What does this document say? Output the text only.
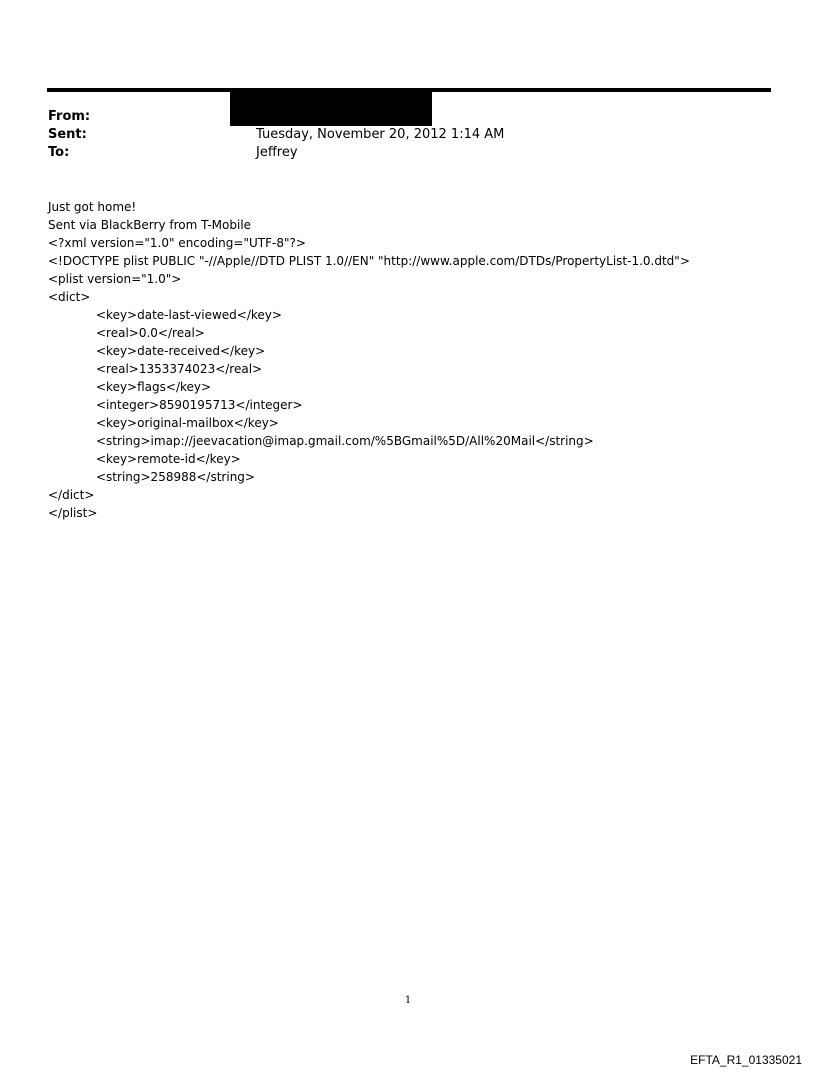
From:
Sent:	Tuesday, November 20, 2012 1:14 AM
To:	Jeffrey
Just got home!
Sent via BlackBerry from T-Mobile
<?xml version="1.0" encoding="UTF-8"?>
<!DOCTYPE plist PUBLIC "-//Apple//DTD PLIST 1.0//EN" "http://www.apple.com/DTDs/PropertyList-1.0.dtd">
<plist version="1.0">
<dict>
<key>date-last-viewed</key>
<real>0.0</real>
<key>date-received</key>
<real>1353374023</real>
<key>flags</key>
<integer>8590195713</integer>
<key>original-mailbox</key>
<string>imap://jeevacation@imap.gmail.com/%5BGmail%5D/All%20Mail</string>
<key>remote-id</key>
<string>258988</string>
</dict>
</plist>
1
EFTA_R1_01335021
